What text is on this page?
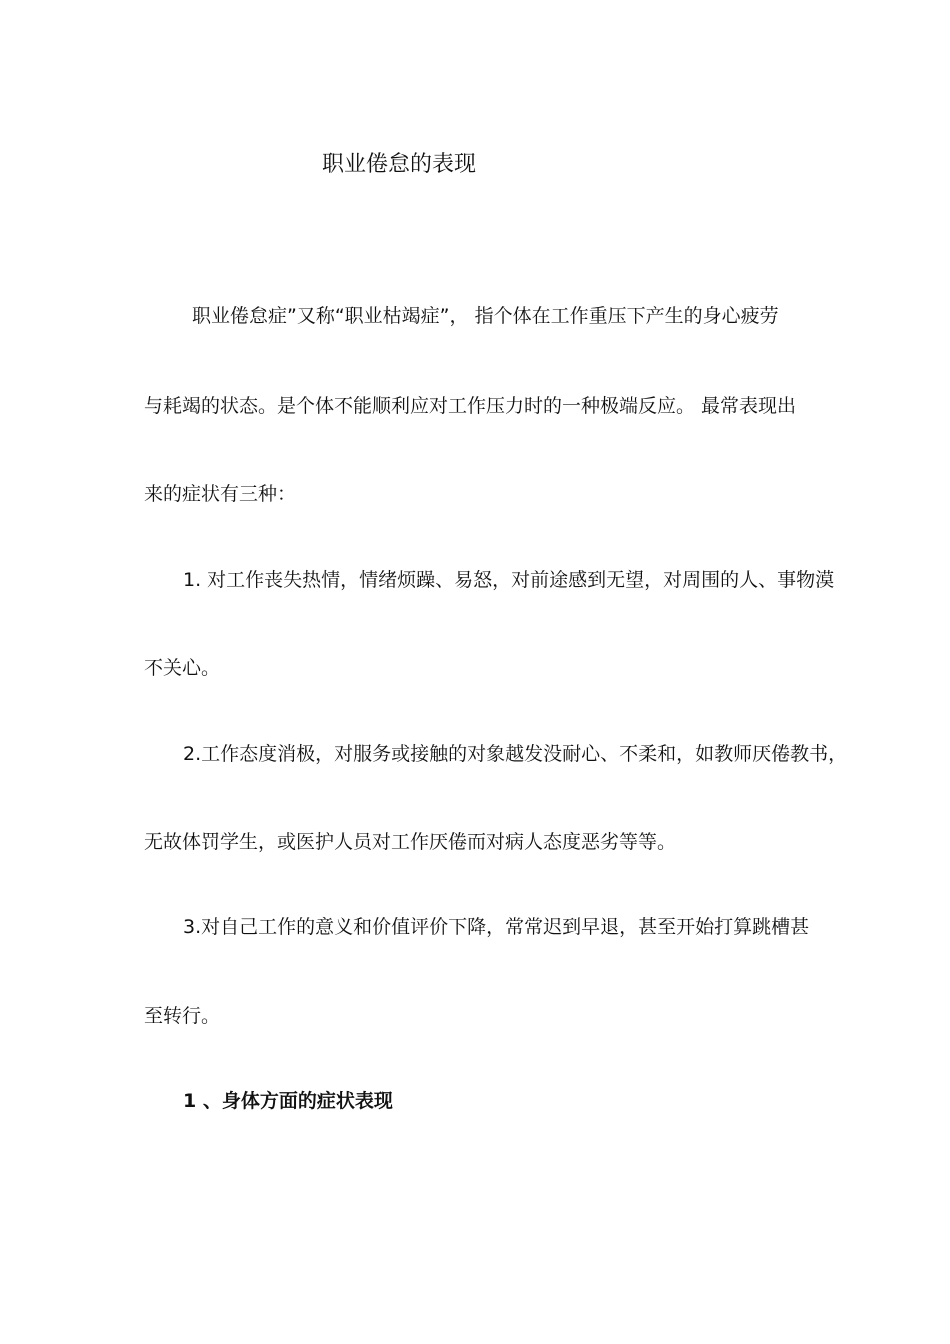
职业倦怠的表现
职业倦怠症”又称“职业枯竭症”， 指个体在工作重压下产生的身心疲劳
与耗竭的状态。是个体不能顺利应对工作压力时的一种极端反应。 最常表现出
来的症状有三种：
1. 对工作丧失热情，情绪烦躁、易怒，对前途感到无望，对周围的人、事物漠
不关心。
2.工作态度消极，对服务或接触的对象越发没耐心、不柔和，如教师厌倦教书，
无故体罚学生，或医护人员对工作厌倦而对病人态度恶劣等等。
3.对自己工作的意义和价值评价下降，常常迟到早退，甚至开始打算跳槽甚
至转行。
1 、身体方面的症状表现
